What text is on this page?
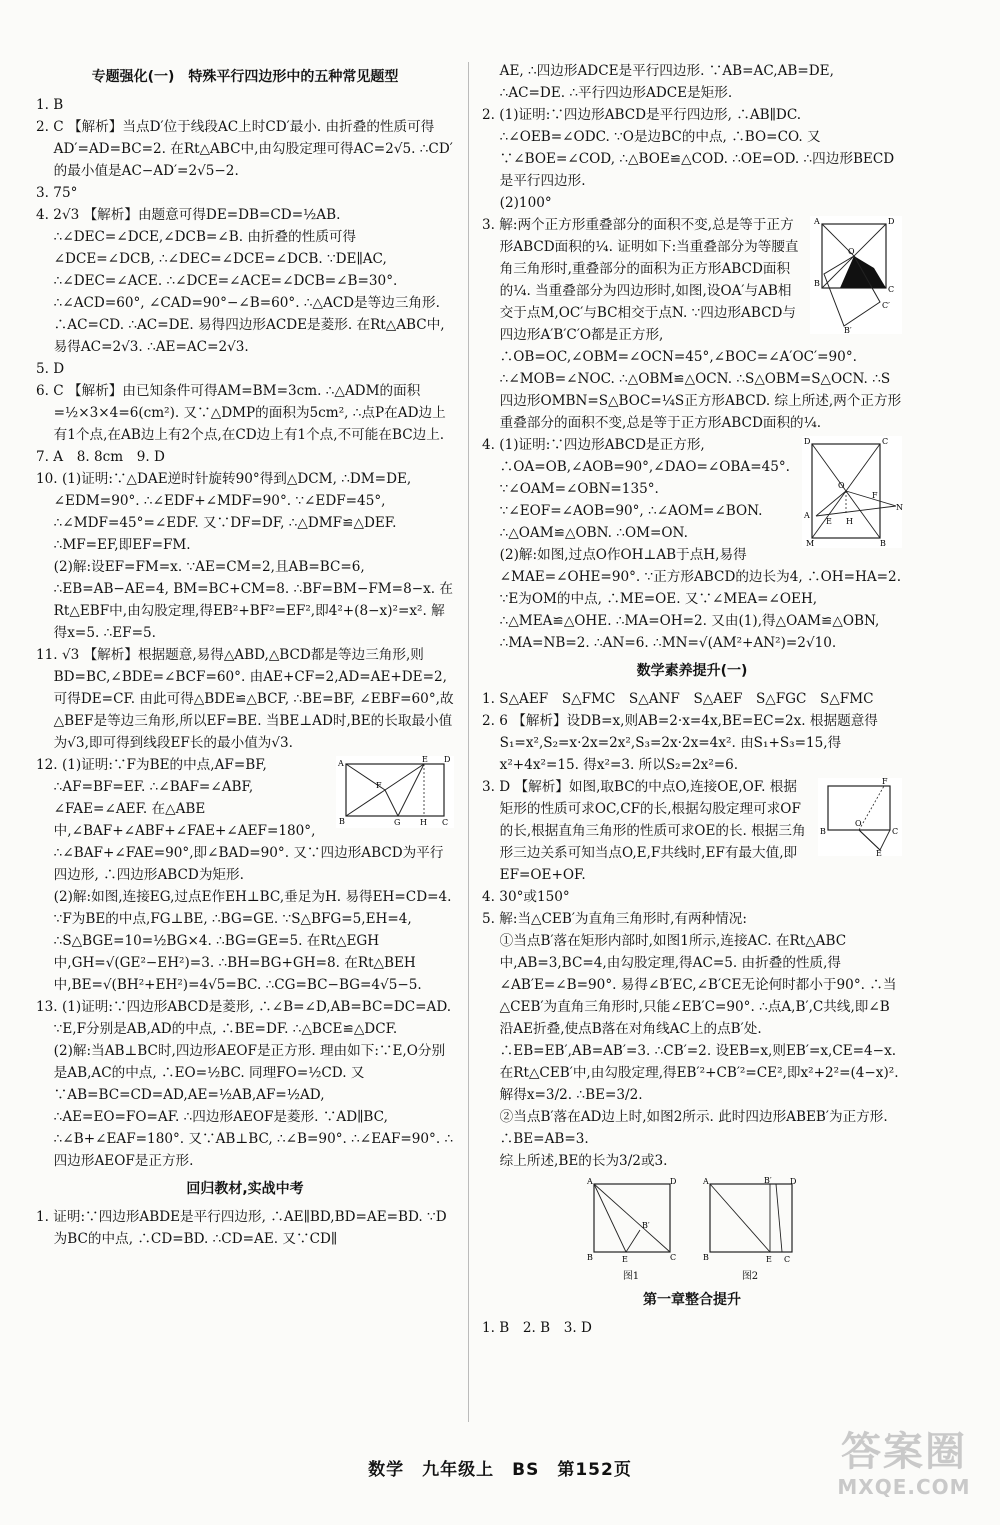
专题强化(一)　特殊平行四边形中的五种常见题型

1. B

2. C 【解析】当点D′位于线段AC上时CD′最小. 由折叠的性质可得AD′=AD=BC=2. 在Rt△ABC中,由勾股定理可得AC=2√5. ∴CD′的最小值是AC−AD′=2√5−2.

3. 75°

4. 2√3 【解析】由题意可得DE=DB=CD=½AB. ∴∠DEC=∠DCE,∠DCB=∠B. 由折叠的性质可得∠DCE=∠DCB, ∴∠DEC=∠DCE=∠DCB. ∵DE∥AC, ∴∠DEC=∠ACE. ∴∠DCE=∠ACE=∠DCB=∠B=30°. ∴∠ACD=60°, ∠CAD=90°−∠B=60°. ∴△ACD是等边三角形. ∴AC=CD. ∴AC=DE. 易得四边形ACDE是菱形. 在Rt△ABC中,易得AC=2√3. ∴AE=AC=2√3.

5. D

6. C 【解析】由已知条件可得AM=BM=3cm. ∴△ADM的面积=½×3×4=6(cm²). 又∵△DMP的面积为5cm², ∴点P在AD边上有1个点,在AB边上有2个点,在CD边上有1个点,不可能在BC边上.

7. A　8. 8cm　9. D

10. (1)证明:∵△DAE逆时针旋转90°得到△DCM, ∴DM=DE, ∠EDM=90°. ∴∠EDF+∠MDF=90°. ∵∠EDF=45°, ∴∠MDF=45°=∠EDF. 又∵DF=DF, ∴△DMF≌△DEF. ∴MF=EF,即EF=FM.

(2)解:设EF=FM=x. ∵AE=CM=2,且AB=BC=6, ∴EB=AB−AE=4, BM=BC+CM=8. ∴BF=BM−FM=8−x. 在Rt△EBF中,由勾股定理,得EB²+BF²=EF²,即4²+(8−x)²=x². 解得x=5. ∴EF=5.

11. √3 【解析】根据题意,易得△ABD,△BCD都是等边三角形,则BD=BC,∠BDE=∠BCF=60°. 由AE+CF=2,AD=AE+DE=2,可得DE=CF. 由此可得△BDE≌△BCF, ∴BE=BF, ∠EBF=60°,故△BEF是等边三角形,所以EF=BE. 当BE⊥AD时,BE的长取最小值为√3,即可得到线段EF长的最小值为√3.

A	E D
F
B	G H C

12. (1)证明:∵F为BE的中点,AF=BF, ∴AF=BF=EF. ∴∠BAF=∠ABF, ∠FAE=∠AEF. 在△ABE中,∠BAF+∠ABF+∠FAE+∠AEF=180°, ∴∠BAF+∠FAE=90°,即∠BAD=90°. 又∵四边形ABCD为平行四边形, ∴四边形ABCD为矩形.

(2)解:如图,连接EG,过点E作EH⊥BC,垂足为H. 易得EH=CD=4. ∵F为BE的中点,FG⊥BE, ∴BG=GE. ∵S△BFG=5,EH=4, ∴S△BGE=10=½BG×4. ∴BG=GE=5. 在Rt△EGH中,GH=√(GE²−EH²)=3. ∴BH=BG+GH=8. 在Rt△BEH中,BE=√(BH²+EH²)=4√5=BC. ∴CG=BC−BG=4√5−5.

13. (1)证明:∵四边形ABCD是菱形, ∴∠B=∠D,AB=BC=DC=AD. ∵E,F分别是AB,AD的中点, ∴BE=DF. ∴△BCE≌△DCF.

(2)解:当AB⊥BC时,四边形AEOF是正方形. 理由如下:∵E,O分别是AB,AC的中点, ∴EO=½BC. 同理FO=½CD. 又∵AB=BC=CD=AD,AE=½AB,AF=½AD, ∴AE=EO=FO=AF. ∴四边形AEOF是菱形. ∵AD∥BC, ∴∠B+∠EAF=180°. 又∵AB⊥BC, ∴∠B=90°. ∴∠EAF=90°. ∴四边形AEOF是正方形.

回归教材,实战中考

1. 证明:∵四边形ABDE是平行四边形, ∴AE∥BD,BD=AE=BD. ∵D为BC的中点, ∴CD=BD. ∴CD=AE. 又∵CD∥

AE, ∴四边形ADCE是平行四边形. ∵AB=AC,AB=DE, ∴AC=DE. ∴平行四边形ADCE是矩形.

2. (1)证明:∵四边形ABCD是平行四边形, ∴AB∥DC. ∴∠OEB=∠ODC. ∵O是边BC的中点, ∴BO=CO. 又∵∠BOE=∠COD, ∴△BOE≌△COD. ∴OE=OD. ∴四边形BECD是平行四边形.

(2)100°

A	D
O
B
C
B′
C′

3. 解:两个正方形重叠部分的面积不变,总是等于正方形ABCD面积的¼. 证明如下:当重叠部分为等腰直角三角形时,重叠部分的面积为正方形ABCD面积的¼. 当重叠部分为四边形时,如图,设OA′与AB相交于点M,OC′与BC相交于点N. ∵四边形ABCD与四边形A′B′C′O都是正方形, ∴OB=OC,∠OBM=∠OCN=45°,∠BOC=∠A′OC′=90°. ∴∠MOB=∠NOC. ∴△OBM≌△OCN. ∴S△OBM=S△OCN. ∴S四边形OMBN=S△BOC=¼S正方形ABCD. 综上所述,两个正方形重叠部分的面积不变,总是等于正方形ABCD面积的¼.

D	C
O
F
N
A
E H
M	B

4. (1)证明:∵四边形ABCD是正方形, ∴OA=OB,∠AOB=90°,∠DAO=∠OBA=45°. ∵∠OAM=∠OBN=135°. ∵∠EOF=∠AOB=90°, ∴∠AOM=∠BON. ∴△OAM≌△OBN. ∴OM=ON.

(2)解:如图,过点O作OH⊥AB于点H,易得∠MAE=∠OHE=90°. ∵正方形ABCD的边长为4, ∴OH=HA=2. ∵E为OM的中点, ∴ME=OE. 又∵∠MEA=∠OEH, ∴△MEA≌△OHE. ∴MA=OH=2. 又由(1),得△OAM≌△OBN, ∴MA=NB=2. ∴AN=6. ∴MN=√(AM²+AN²)=2√10.

数学素养提升(一)

1. S△AEF　S△FMC　S△ANF　S△AEF　S△FGC　S△FMC

2. 6 【解析】设DB=x,则AB=2·x=4x,BE=EC=2x. 根据题意得S₁=x²,S₂=x·2x=2x²,S₃=2x·2x=4x². 由S₁+S₃=15,得x²+4x²=15. 得x²=3. 所以S₂=2x²=6.

B
O
C
F
E

3. D 【解析】如图,取BC的中点O,连接OE,OF. 根据矩形的性质可求OC,CF的长,根据勾股定理可求OF的长,根据直角三角形的性质可求OE的长. 根据三角形三边关系可知当点O,E,F共线时,EF有最大值,即EF=OE+OF.

4. 30°或150°

5. 解:当△CEB′为直角三角形时,有两种情况:

①当点B′落在矩形内部时,如图1所示,连接AC. 在Rt△ABC中,AB=3,BC=4,由勾股定理,得AC=5. 由折叠的性质,得∠AB′E=∠B=90°. 易得∠B′EC,∠B′CE无论何时都小于90°. ∴当△CEB′为直角三角形时,只能∠EB′C=90°. ∴点A,B′,C共线,即∠B沿AE折叠,使点B落在对角线AC上的点B′处. ∴EB=EB′,AB=AB′=3. ∴CB′=2. 设EB=x,则EB′=x,CE=4−x. 在Rt△CEB′中,由勾股定理,得EB′²+CB′²=CE²,即x²+2²=(4−x)². 解得x=3/2. ∴BE=3/2.

②当点B′落在AD边上时,如图2所示. 此时四边形ABEB′为正方形. ∴BE=AB=3.

综上所述,BE的长为3/2或3.

A	D
B′
B	E	C
图1
A	B′ D
B	E C
图2
第一章整合提升

1. B　2. B　3. D

数学　九年级上　BS　第152页	答案圈
MXQE.COM
